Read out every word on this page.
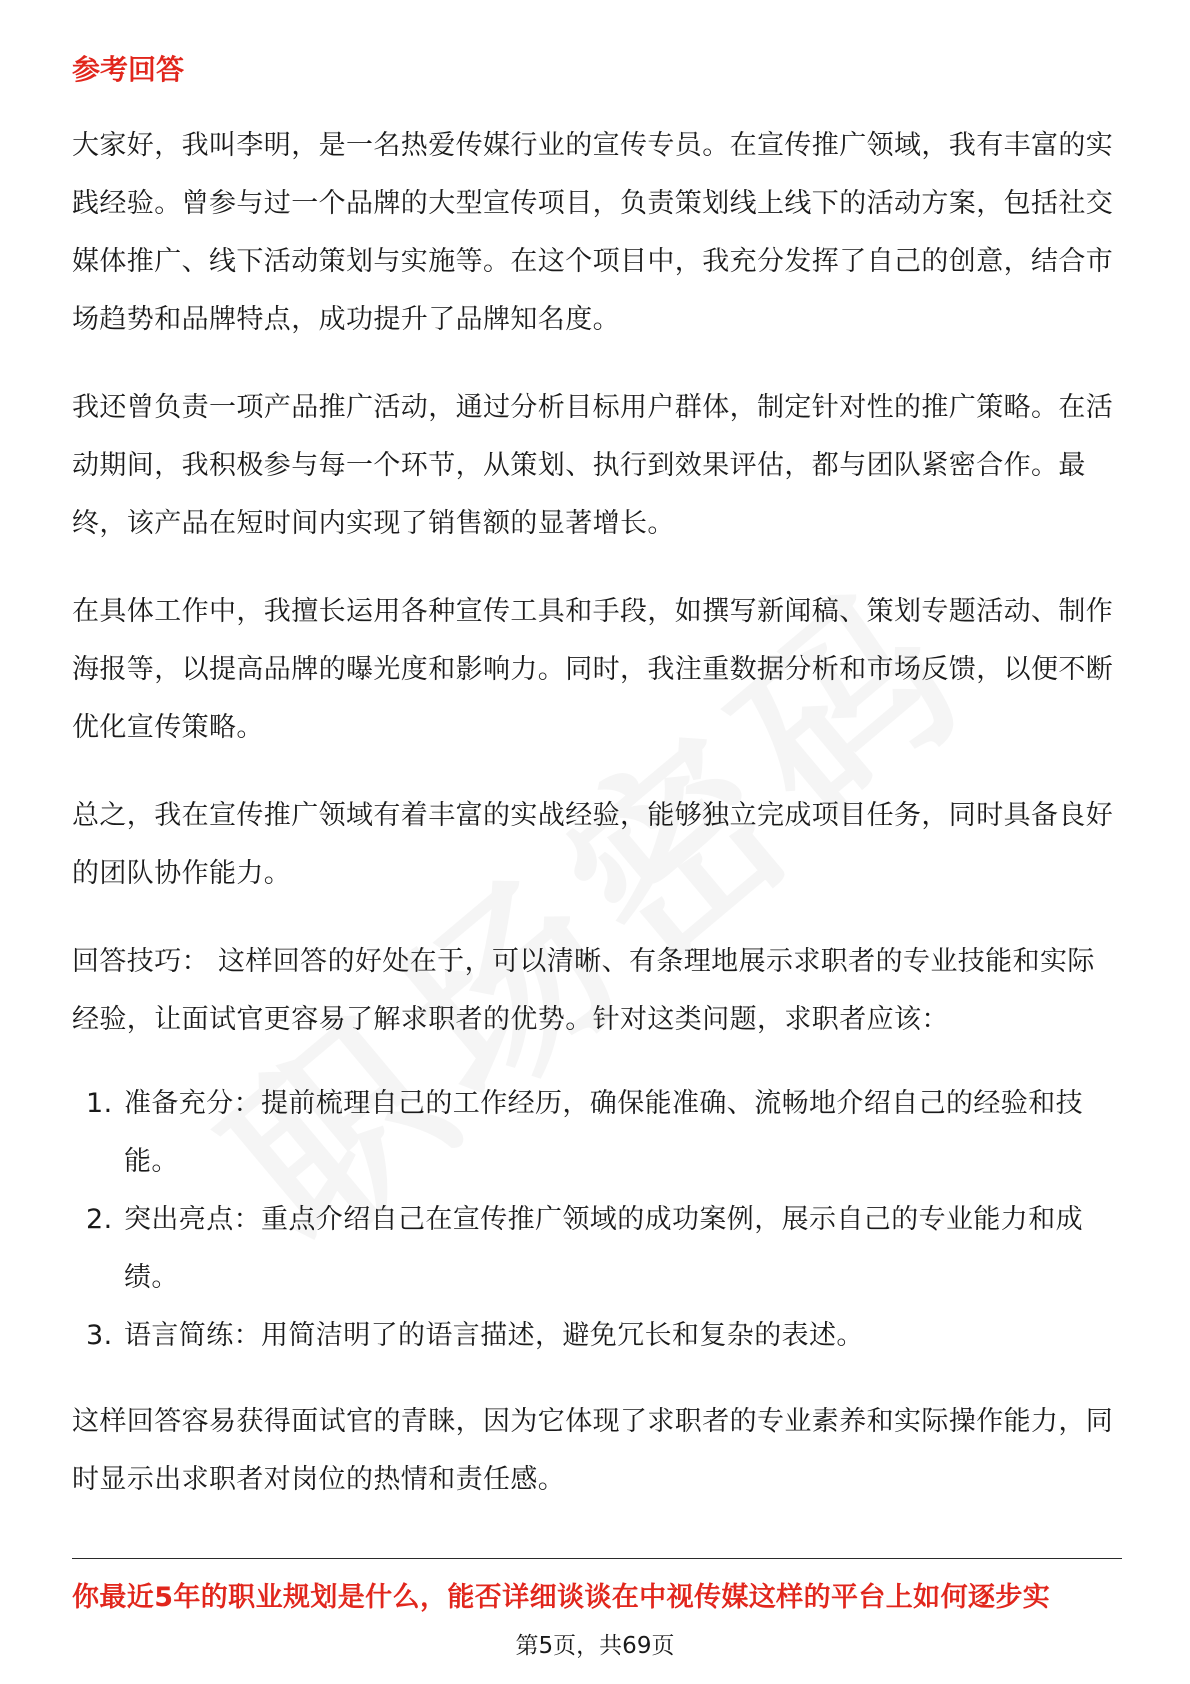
参考回答

大家好，我叫李明，是一名热爱传媒行业的宣传专员。在宣传推广领域，我有丰富的实践经验。曾参与过一个品牌的大型宣传项目，负责策划线上线下的活动方案，包括社交媒体推广、线下活动策划与实施等。在这个项目中，我充分发挥了自己的创意，结合市场趋势和品牌特点，成功提升了品牌知名度。

我还曾负责一项产品推广活动，通过分析目标用户群体，制定针对性的推广策略。在活动期间，我积极参与每一个环节，从策划、执行到效果评估，都与团队紧密合作。最终，该产品在短时间内实现了销售额的显著增长。

在具体工作中，我擅长运用各种宣传工具和手段，如撰写新闻稿、策划专题活动、制作海报等，以提高品牌的曝光度和影响力。同时，我注重数据分析和市场反馈，以便不断优化宣传策略。

总之，我在宣传推广领域有着丰富的实战经验，能够独立完成项目任务，同时具备良好的团队协作能力。

回答技巧： 这样回答的好处在于，可以清晰、有条理地展示求职者的专业技能和实际经验，让面试官更容易了解求职者的优势。针对这类问题，求职者应该：

1. 准备充分：提前梳理自己的工作经历，确保能准确、流畅地介绍自己的经验和技能。
2. 突出亮点：重点介绍自己在宣传推广领域的成功案例，展示自己的专业能力和成绩。
3. 语言简练：用简洁明了的语言描述，避免冗长和复杂的表述。

这样回答容易获得面试官的青睐，因为它体现了求职者的专业素养和实际操作能力，同时显示出求职者对岗位的热情和责任感。

你最近5年的职业规划是什么，能否详细谈谈在中视传媒这样的平台上如何逐步实
第5页，共69页
